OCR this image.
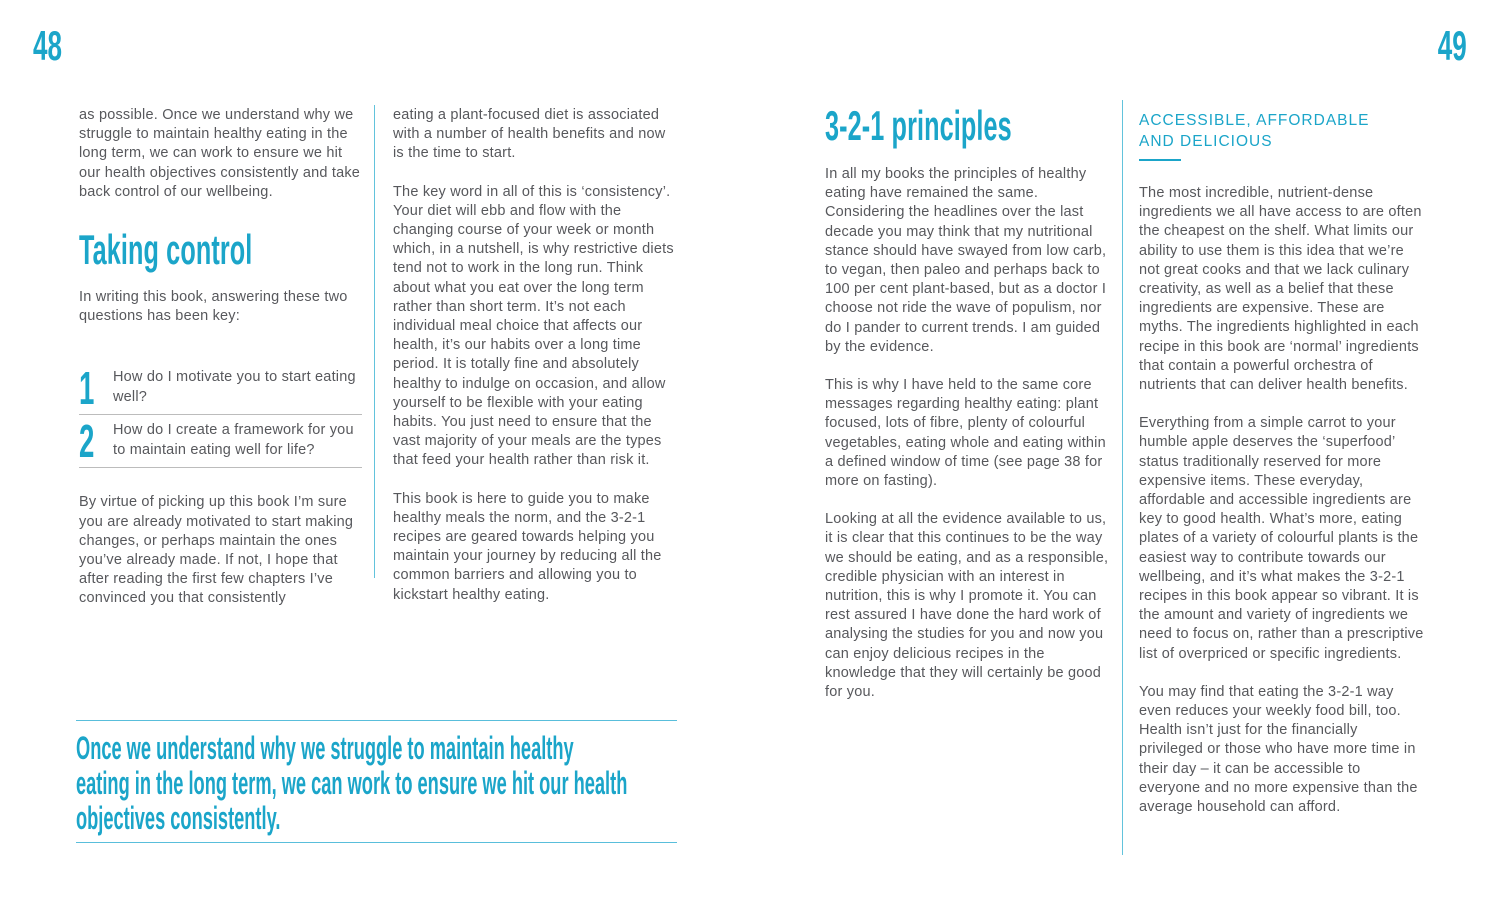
48	49

as possible. Once we understand why we struggle to maintain healthy eating in the long term, we can work to ensure we hit our health objectives consistently and take back control of our wellbeing.

Taking control

In writing this book, answering these two questions has been key:

1	How do I motivate you to start eating well?
2	How do I create a framework for you to maintain eating well for life?

By virtue of picking up this book I’m sure you are already motivated to start making changes, or perhaps maintain the ones you’ve already made. If not, I hope that after reading the first few chapters I’ve convinced you that consistently

eating a plant-focused diet is associated with a number of health benefits and now is the time to start.

The key word in all of this is ‘consistency’. Your diet will ebb and flow with the changing course of your week or month which, in a nutshell, is why restrictive diets tend not to work in the long run. Think about what you eat over the long term rather than short term. It’s not each individual meal choice that affects our health, it’s our habits over a long time period. It is totally fine and absolutely healthy to indulge on occasion, and allow yourself to be flexible with your eating habits. You just need to ensure that the vast majority of your meals are the types that feed your health rather than risk it.

This book is here to guide you to make healthy meals the norm, and the 3-2-1 recipes are geared towards helping you maintain your journey by reducing all the common barriers and allowing you to kickstart healthy eating.

Once we understand why we struggle to maintain healthy
eating in the long term, we can work to ensure we hit our health
objectives consistently.
3-2-1 principles

In all my books the principles of healthy eating have remained the same. Considering the headlines over the last decade you may think that my nutritional stance should have swayed from low carb, to vegan, then paleo and perhaps back to 100 per cent plant-based, but as a doctor I choose not ride the wave of populism, nor do I pander to current trends. I am guided by the evidence.

This is why I have held to the same core messages regarding healthy eating: plant focused, lots of fibre, plenty of colourful vegetables, eating whole and eating within a defined window of time (see page 38 for more on fasting).

Looking at all the evidence available to us, it is clear that this continues to be the way we should be eating, and as a responsible, credible physician with an interest in nutrition, this is why I promote it. You can rest assured I have done the hard work of analysing the studies for you and now you can enjoy delicious recipes in the knowledge that they will certainly be good for you.

ACCESSIBLE, AFFORDABLE
AND DELICIOUS

The most incredible, nutrient-dense ingredients we all have access to are often the cheapest on the shelf. What limits our ability to use them is this idea that we’re not great cooks and that we lack culinary creativity, as well as a belief that these ingredients are expensive. These are myths. The ingredients highlighted in each recipe in this book are ‘normal’ ingredients that contain a powerful orchestra of nutrients that can deliver health benefits.

Everything from a simple carrot to your humble apple deserves the ‘superfood’ status traditionally reserved for more expensive items. These everyday, affordable and accessible ingredients are key to good health. What’s more, eating plates of a variety of colourful plants is the easiest way to contribute towards our wellbeing, and it’s what makes the 3-2-1 recipes in this book appear so vibrant. It is the amount and variety of ingredients we need to focus on, rather than a prescriptive list of overpriced or specific ingredients.

You may find that eating the 3-2-1 way even reduces your weekly food bill, too. Health isn’t just for the financially privileged or those who have more time in their day – it can be accessible to everyone and no more expensive than the average household can afford.
